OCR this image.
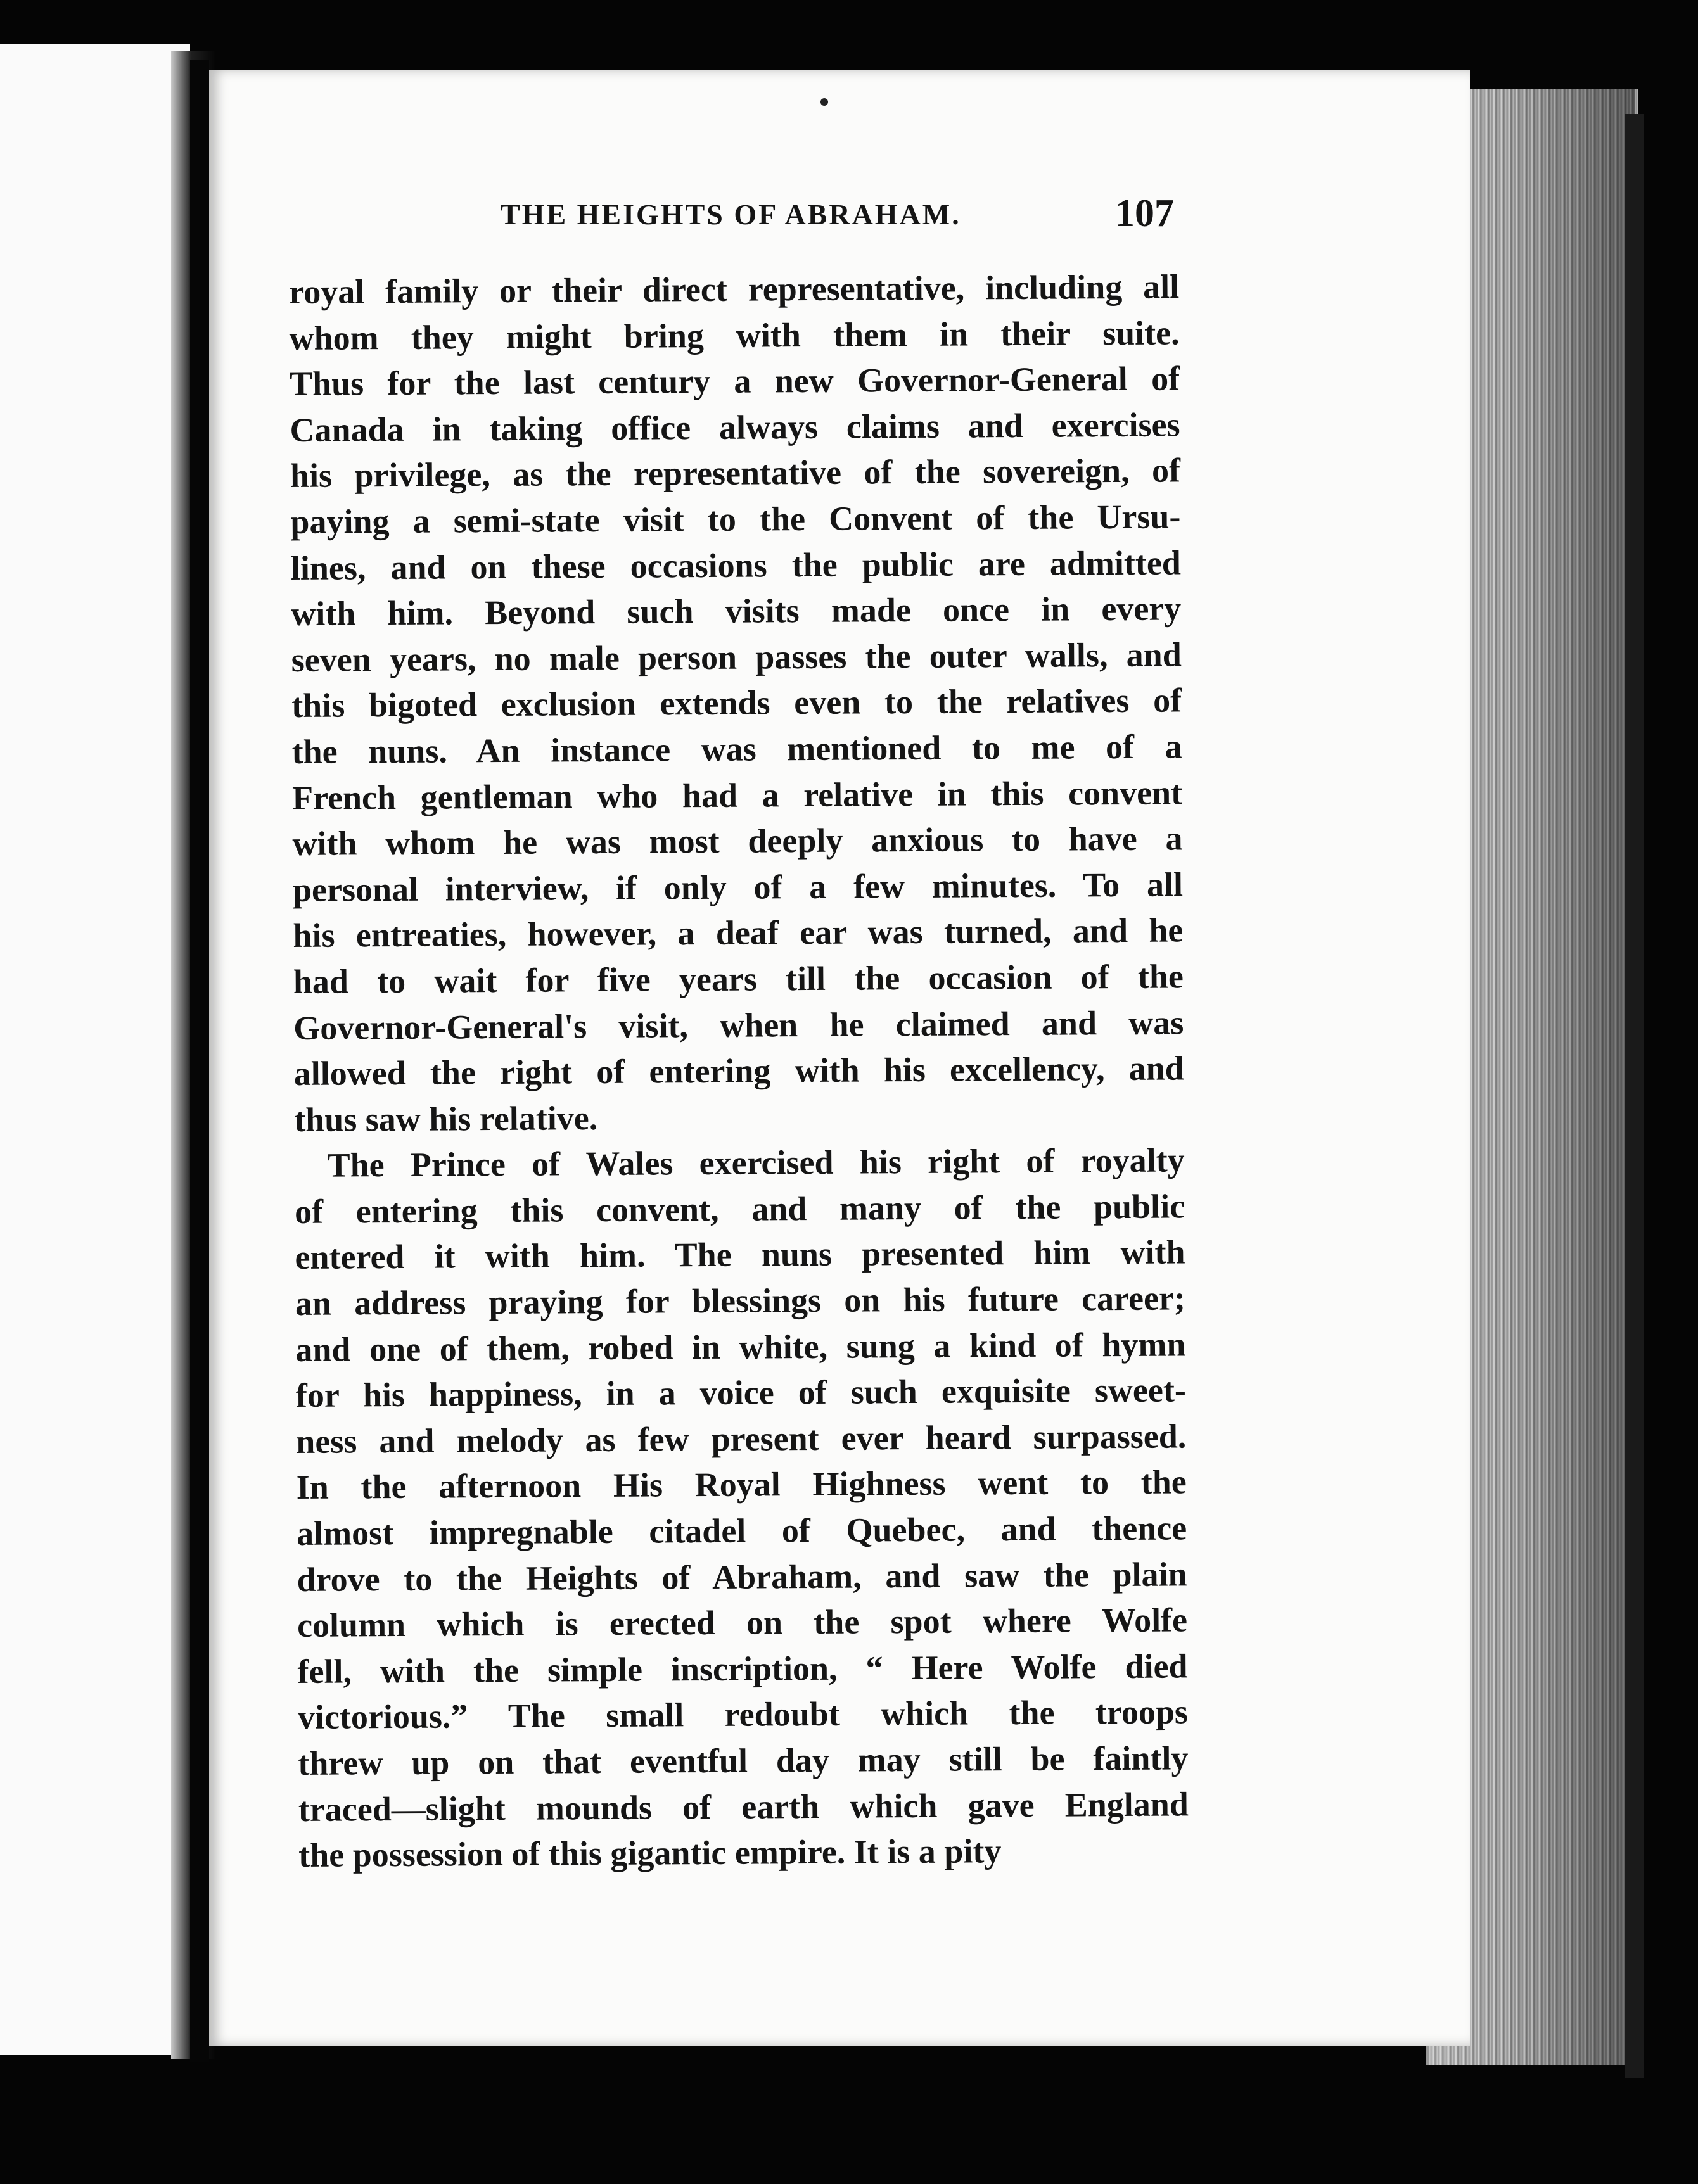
THE HEIGHTS OF ABRAHAM.	107
royal family or their direct representative, including all
whom they might bring with them in their suite.
Thus for the last century a new Governor-General of
Canada in taking office always claims and exercises
his privilege, as the representative of the sovereign, of
paying a semi-state visit to the Convent of the Ursu-
lines, and on these occasions the public are admitted
with him. Beyond such visits made once in every
seven years, no male person passes the outer walls, and
this bigoted exclusion extends even to the relatives of
the nuns. An instance was mentioned to me of a
French gentleman who had a relative in this convent
with whom he was most deeply anxious to have a
personal interview, if only of a few minutes. To all
his entreaties, however, a deaf ear was turned, and he
had to wait for five years till the occasion of the
Governor-General's visit, when he claimed and was
allowed the right of entering with his excellency, and
thus saw his relative.
The Prince of Wales exercised his right of royalty
of entering this convent, and many of the public
entered it with him. The nuns presented him with
an address praying for blessings on his future career;
and one of them, robed in white, sung a kind of hymn
for his happiness, in a voice of such exquisite sweet-
ness and melody as few present ever heard surpassed.
In the afternoon His Royal Highness went to the
almost impregnable citadel of Quebec, and thence
drove to the Heights of Abraham, and saw the plain
column which is erected on the spot where Wolfe
fell, with the simple inscription, “ Here Wolfe died
victorious.” The small redoubt which the troops
threw up on that eventful day may still be faintly
traced—slight mounds of earth which gave England
the possession of this gigantic empire. It is a pity
